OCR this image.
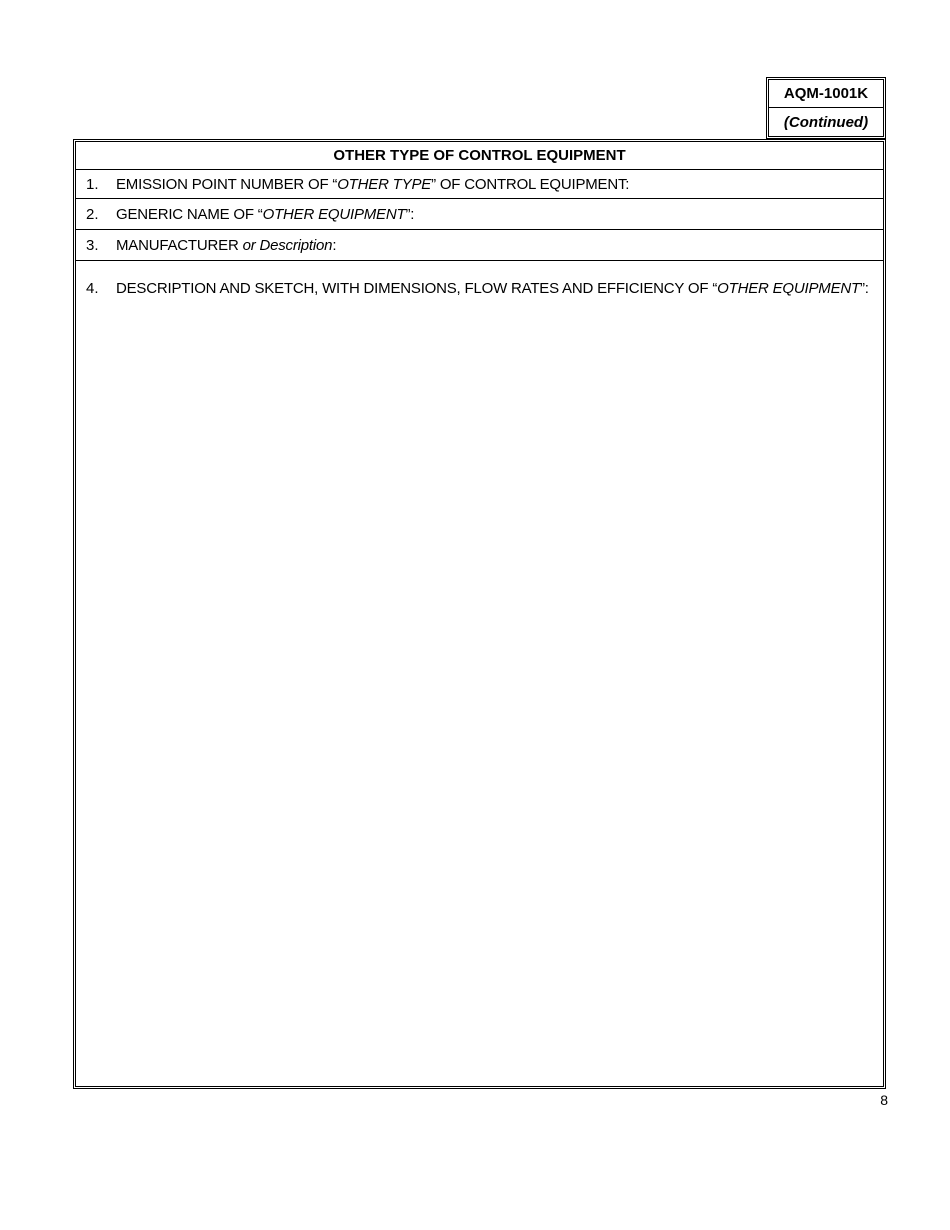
AQM-1001K
(Continued)
OTHER TYPE OF CONTROL EQUIPMENT
1.	EMISSION POINT NUMBER OF “OTHER TYPE” OF CONTROL EQUIPMENT:
2.	GENERIC NAME OF “OTHER EQUIPMENT”:
3.	MANUFACTURER or Description:
4.	DESCRIPTION AND SKETCH, WITH DIMENSIONS, FLOW RATES AND EFFICIENCY OF “OTHER EQUIPMENT”:
8
